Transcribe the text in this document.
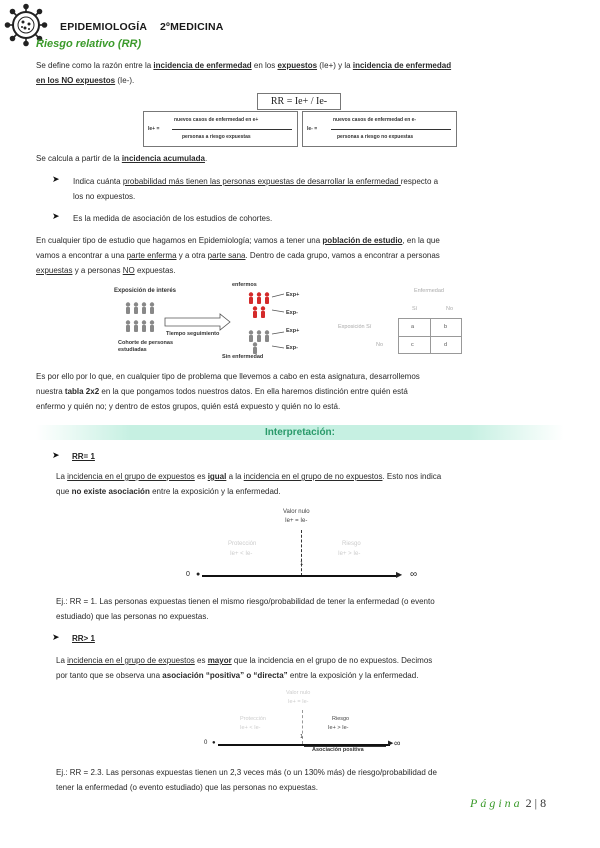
EPIDEMIOLOGÍA 2ºMEDICINA
Riesgo relativo (RR)
Se define como la razón entre la incidencia de enfermedad en los expuestos (Ie+) y la incidencia de enfermedad
en los NO expuestos (Ie-).
RR = Ie+ / Ie-
Ie+ =
nuevos casos de enfermedad en e+
personas a riesgo expuestas
Ie- =
nuevos casos de enfermedad en e-
personas a riesgo no expuestas
Se calcula a partir de la incidencia acumulada.
➤ Indica cuánta probabilidad más tienen las personas expuestas de desarrollar la enfermedad respecto a
los no expuestos.
➤ Es la medida de asociación de los estudios de cohortes.
En cualquier tipo de estudio que hagamos en Epidemiología; vamos a tener una población de estudio, en la que
vamos a encontrar a una parte enferma y a otra parte sana. Dentro de cada grupo, vamos a encontrar a personas
expuestas y a personas NO expuestas.
Exposición de interés
enfermos
Exp+
Exp-
Tiempo seguimiento
Cohorte de personas estudiadas
Sin enfermedad
Exp+
Exp-
Enfermedad
Sí	No
Exposición Sí
No
a	b
c	d
Es por ello por lo que, en cualquier tipo de problema que llevemos a cabo en esta asignatura, desarrollemos
nuestra tabla 2x2 en la que pongamos todos nuestros datos. En ella haremos distinción entre quién está
enfermo y quién no; y dentro de estos grupos, quién está expuesto y quién no lo está.
Interpretación:
➤ RR= 1
La incidencia en el grupo de expuestos es igual a la incidencia en el grupo de no expuestos. Esto nos indica
que no existe asociación entre la exposición y la enfermedad.
Valor nulo
Ie+ = Ie-
Protección
Ie+ < Ie-
Riesgo
Ie+ > Ie-
1
●	▶
0	∞
Ej.: RR = 1. Las personas expuestas tienen el mismo riesgo/probabilidad de tener la enfermedad (o evento
estudiado) que las personas no expuestas.
➤ RR> 1
La incidencia en el grupo de expuestos es mayor que la incidencia en el grupo de no expuestos. Decimos
por tanto que se observa una asociación “positiva” o “directa” entre la exposición y la enfermedad.
Valor nulo
Ie+ = Ie-
Protección
Ie+ < Ie-
Riesgo
Ie+ > Ie-
1
●	▶
0	∞
Asociación positiva
Ej.: RR = 2.3. Las personas expuestas tienen un 2,3 veces más (o un 130% más) de riesgo/probabilidad de
tener la enfermedad (o evento estudiado) que las personas no expuestas.
Página 2 | 8
